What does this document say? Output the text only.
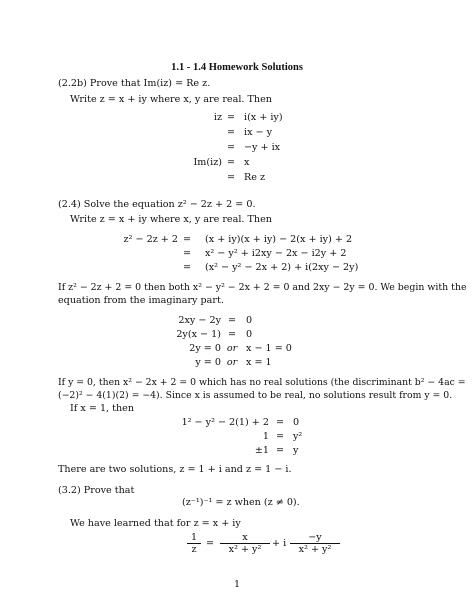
1.1 - 1.4 Homework Solutions
(2.2b) Prove that Im(iz) = Re z.
Write z = x + iy where x, y are real. Then
iz = i(x + iy)
= ix − y
= −y + ix
Im(iz) = x
= Re z
(2.4) Solve the equation z² − 2z + 2 = 0.
Write z = x + iy where x, y are real. Then
z² − 2z + 2 =	(x + iy)(x + iy) − 2(x + iy) + 2
=	x² − y² + i2xy − 2x − i2y + 2
=	(x² − y² − 2x + 2) + i(2xy − 2y)
If z² − 2z + 2 = 0 then both x² − y² − 2x + 2 = 0 and 2xy − 2y = 0. We begin with the
equation from the imaginary part.
2xy − 2y =	0
2y(x − 1) =	0
2y = 0 or x − 1 = 0
y = 0 or x = 1
If y = 0, then x² − 2x + 2 = 0 which has no real solutions (the discriminant b² − 4ac =
(−2)² − 4(1)(2) = −4). Since x is assumed to be real, no solutions result from y = 0.
If x = 1, then
1² − y² − 2(1) + 2 = 0
1 = y²
±1 = y
There are two solutions, z = 1 + i and z = 1 − i.
(3.2) Prove that
(z⁻¹)⁻¹ = z when (z ≠ 0).
We have learned that for z = x + iy
1
z
=
x
x² + y²
+ i
−y
x² + y²
1
